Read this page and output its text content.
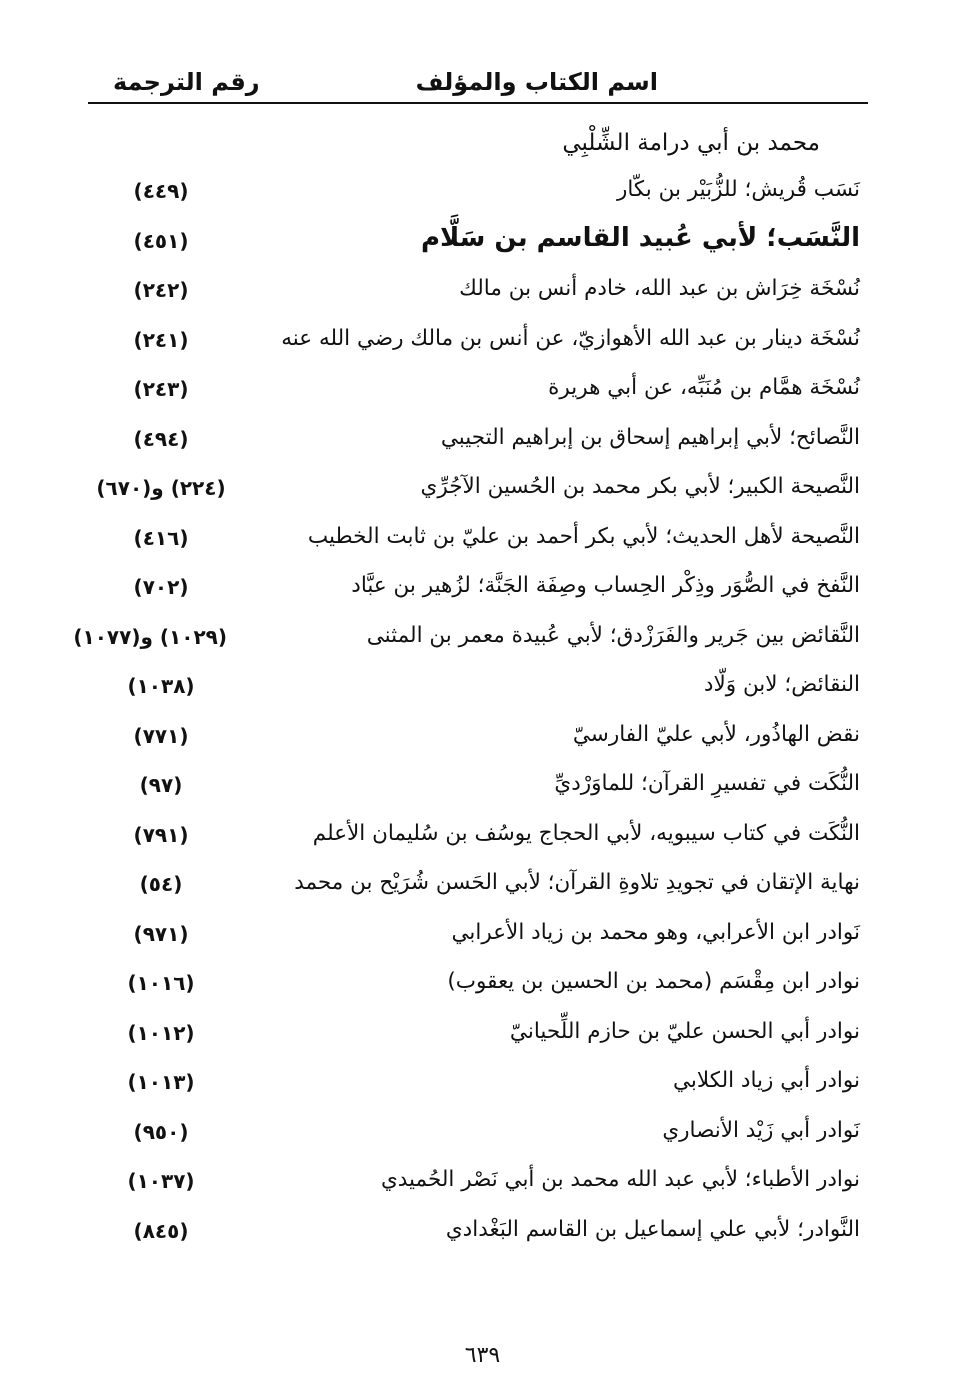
اسم الكتاب والمؤلف
رقم الترجمة
محمد بن أبي درامة الشِّلْبِي
نَسَب قُريش؛ للزُّبَيْر بن بكّار
(٤٤٩)
النَّسَب؛ لأبي عُبيد القاسم بن سَلَّام
(٤٥١)
نُسْخَة خِرَاش بن عبد الله، خادم أنس بن مالك
(٢٤٢)
نُسْخَة دينار بن عبد الله الأهوازيّ، عن أنس بن مالك رضي الله عنه
(٢٤١)
نُسْخَة همَّام بن مُنَبِّه، عن أبي هريرة
(٢٤٣)
النَّصائح؛ لأبي إبراهيم إسحاق بن إبراهيم التجيبي
(٤٩٤)
النَّصيحة الكبير؛ لأبي بكر محمد بن الحُسين الآجُرِّي
(٢٢٤) و(٦٧٠)
النَّصيحة لأهل الحديث؛ لأبي بكر أحمد بن عليّ بن ثابت الخطيب
(٤١٦)
النَّفخ في الصُّوَر وذِكْر الحِساب وصِفَة الجَنَّة؛ لزُهير بن عبَّاد
(٧٠٢)
النَّقائض بين جَرير والفَرَزْدق؛ لأبي عُبيدة معمر بن المثنى
(١٠٢٩) و(١٠٧٧)
النقائض؛ لابن وَلّاد
(١٠٣٨)
نقض الهاذُور، لأبي عليّ الفارسيّ
(٧٧١)
النُّكَت في تفسيرِ القرآن؛ للماوَرْديِّ
(٩٧)
النُّكَت في كتاب سيبويه، لأبي الحجاج يوسُف بن سُليمان الأعلم
(٧٩١)
نهاية الإتقان في تجويدِ تلاوةِ القرآن؛ لأبي الحَسن شُرَيْح بن محمد
(٥٤)
نَوادر ابن الأعرابي، وهو محمد بن زياد الأعرابي
(٩٧١)
نوادر ابن مِقْسَم (محمد بن الحسين بن يعقوب)
(١٠١٦)
نوادر أبي الحسن عليّ بن حازم اللِّحيانيّ
(١٠١٢)
نوادر أبي زياد الكلابي
(١٠١٣)
نَوادر أبي زَيْد الأنصاري
(٩٥٠)
نوادر الأطباء؛ لأبي عبد الله محمد بن أبي نَصْر الحُميدي
(١٠٣٧)
النَّوادر؛ لأبي علي إسماعيل بن القاسم البَغْدادي
(٨٤٥)
٦٣٩
